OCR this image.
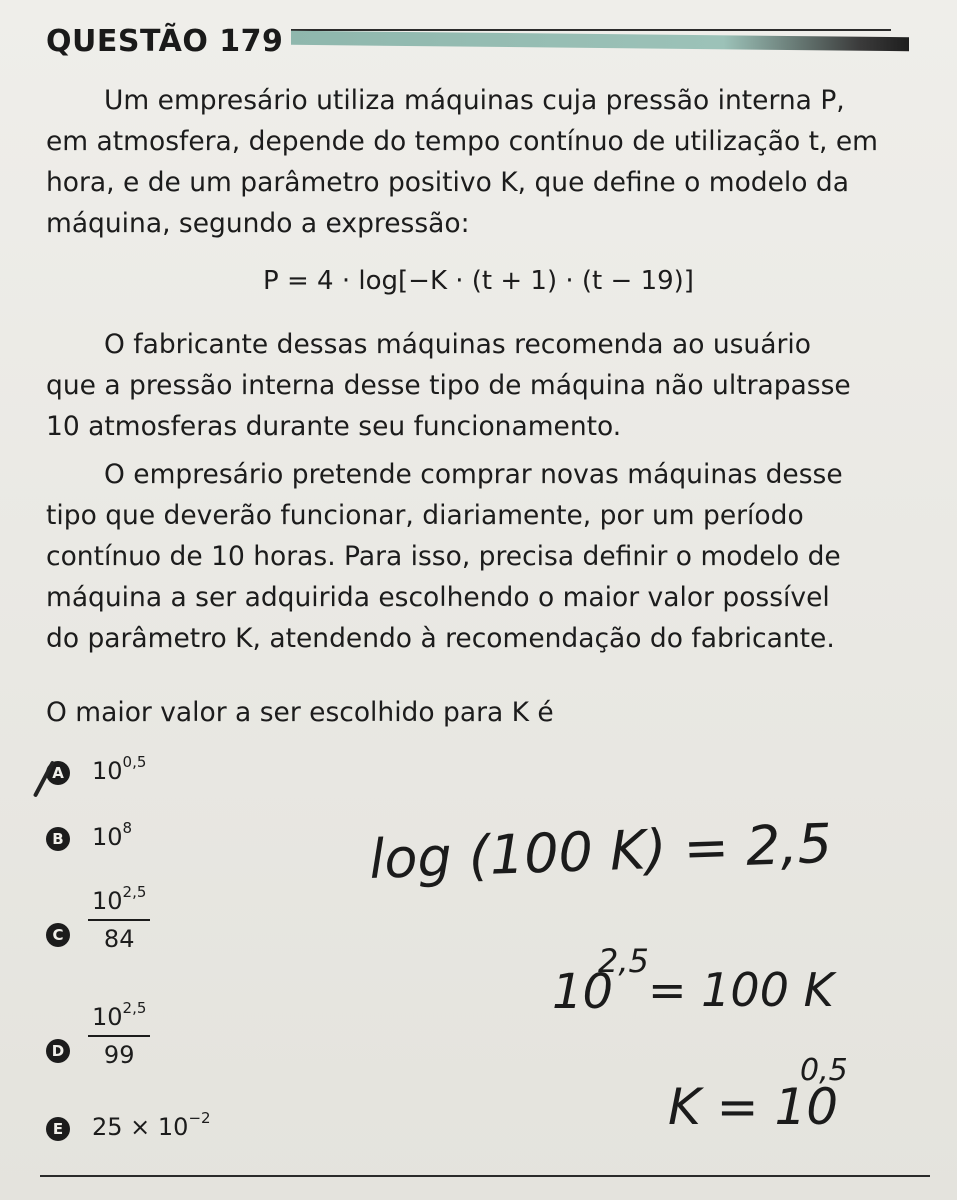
QUESTÃO 179
Um empresário utiliza máquinas cuja pressão interna P,
em atmosfera, depende do tempo contínuo de utilização t, em
hora, e de um parâmetro positivo K, que define o modelo da
máquina, segundo a expressão:
P = 4 · log[−K · (t + 1) · (t − 19)]
O fabricante dessas máquinas recomenda ao usuário
que a pressão interna desse tipo de máquina não ultrapasse
10 atmosferas durante seu funcionamento.
O empresário pretende comprar novas máquinas desse
tipo que deverão funcionar, diariamente, por um período
contínuo de 10 horas. Para isso, precisa definir o modelo de
máquina a ser adquirida escolhendo o maior valor possível
do parâmetro K, atendendo à recomendação do fabricante.
O maior valor a ser escolhido para K é
A 10$^{0,5}$
B $10^8$
C $\frac{10^{2,5}}{84}$
D $\frac{10^{2,5}}{99}$
E $25 \times 10^{-2}$
log (100 K) = 2,5
10
2,5
= 100 K
K = 10
0,5
